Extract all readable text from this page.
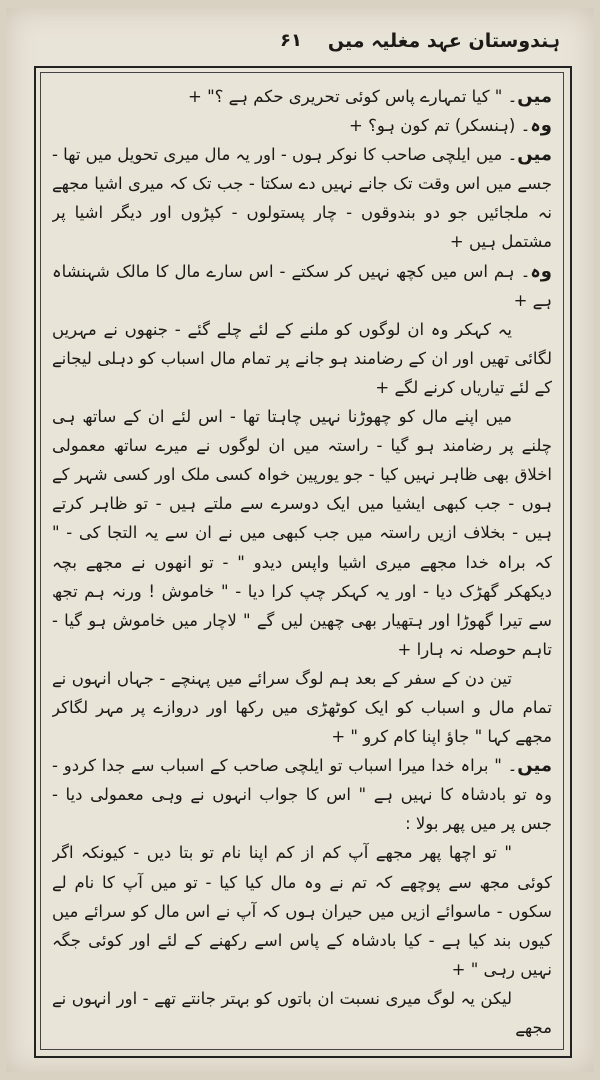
ہندوستان عہد مغلیہ میں
۶۱

میں۔ " کیا تمہارے پاس کوئی تحریری حکم ہے ؟" +

وہ۔ (ہنسکر) تم کون ہو؟ +

میں۔ میں ایلچی صاحب کا نوکر ہوں - اور یہ مال میری تحویل میں تھا - جسے میں اس وقت تک جانے نہیں دے سکتا - جب تک کہ میری اشیا مجھے نہ ملجائیں جو دو بندوقوں - چار پستولوں - کپڑوں اور دیگر اشیا پر مشتمل ہیں +

وہ۔ ہم اس میں کچھ نہیں کر سکتے - اس سارے مال کا مالک شہنشاہ ہے +

یہ کہکر وہ ان لوگوں کو ملنے کے لئے چلے گئے - جنھوں نے مہریں لگائی تھیں اور ان کے رضامند ہو جانے پر تمام مال اسباب کو دہلی لیجانے کے لئے تیاریاں کرنے لگے +

میں اپنے مال کو چھوڑنا نہیں چاہتا تھا - اس لئے ان کے ساتھ ہی چلنے پر رضامند ہو گیا - راستہ میں ان لوگوں نے میرے ساتھ معمولی اخلاق بھی ظاہر نہیں کیا - جو یورپین خواہ کسی ملک اور کسی شہر کے ہوں - جب کبھی ایشیا میں ایک دوسرے سے ملتے ہیں - تو ظاہر کرتے ہیں - بخلاف ازیں راستہ میں جب کبھی میں نے ان سے یہ التجا کی - " کہ براہ خدا مجھے میری اشیا واپس دیدو " - تو انھوں نے مجھے بچہ دیکھکر گھڑک دیا - اور یہ کہکر چپ کرا دیا - " خاموش ! ورنہ ہم تجھ سے تیرا گھوڑا اور ہتھیار بھی چھین لیں گے " لاچار میں خاموش ہو گیا - تاہم حوصلہ نہ ہارا +

تین دن کے سفر کے بعد ہم لوگ سرائے میں پہنچے - جہاں انہوں نے تمام مال و اسباب کو ایک کوٹھڑی میں رکھا اور دروازے پر مہر لگاکر مجھے کہا " جاؤ اپنا کام کرو " +

میں۔ " براہ خدا میرا اسباب تو ایلچی صاحب کے اسباب سے جدا کردو - وہ تو بادشاہ کا نہیں ہے " اس کا جواب انہوں نے وہی معمولی دیا - جس پر میں پھر بولا :

" تو اچھا پھر مجھے آپ کم از کم اپنا نام تو بتا دیں - کیونکہ اگر کوئی مجھ سے پوچھے کہ تم نے وہ مال کیا کیا - تو میں آپ کا نام لے سکوں - ماسوائے ازیں میں حیران ہوں کہ آپ نے اس مال کو سرائے میں کیوں بند کیا ہے - کیا بادشاہ کے پاس اسے رکھنے کے لئے اور کوئی جگہ نہیں رہی " +

لیکن یہ لوگ میری نسبت ان باتوں کو بہتر جانتے تھے - اور انہوں نے مجھے
